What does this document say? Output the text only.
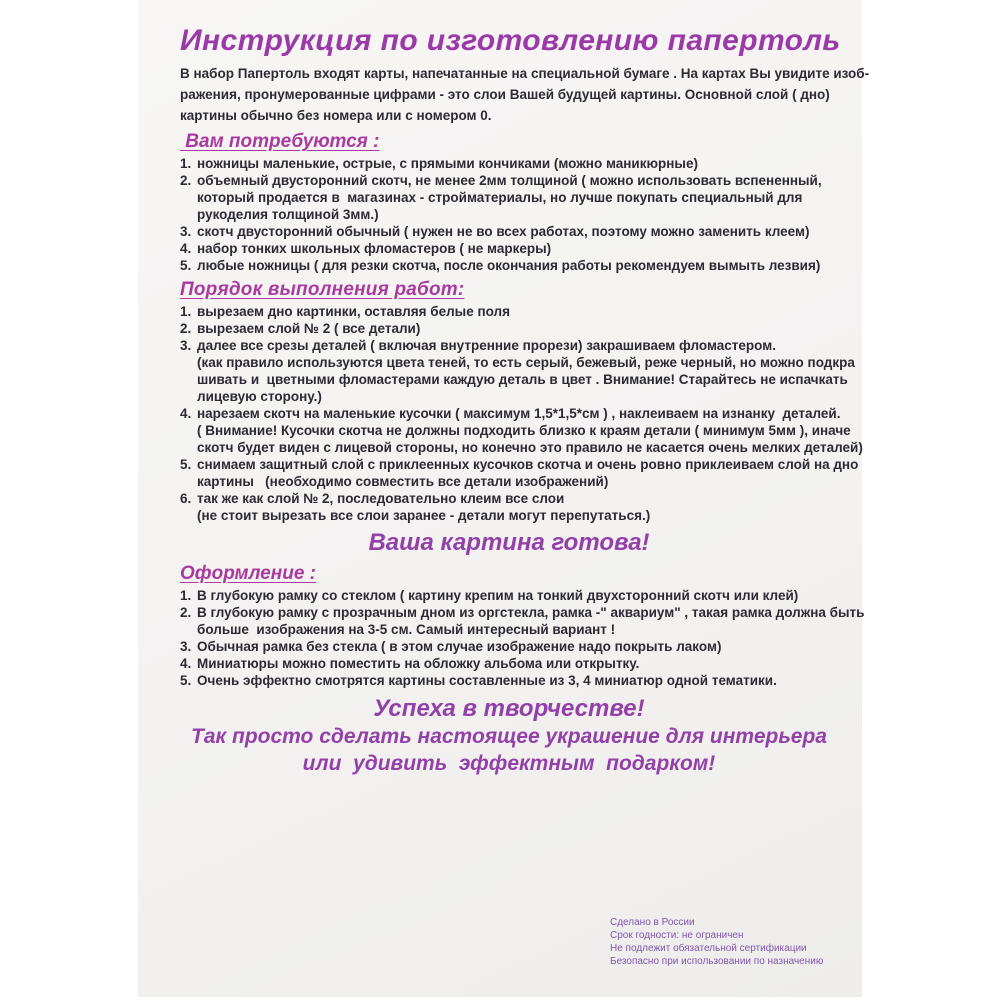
Инструкция по изготовлению папертоль
В набор Папертоль входят карты, напечатанные на специальной бумаге . На картах Вы увидите изоб-
ражения, пронумерованные цифрами - это слои Вашей будущей картины. Основной слой ( дно)
картины обычно без номера или с номером 0.
Вам потребуются :
1. ножницы маленькие, острые, с прямыми кончиками (можно маникюрные)
2. объемный двусторонний скотч, не менее 2мм толщиной ( можно использовать вспененный,
который продается в  магазинах - стройматериалы, но лучше покупать специальный для
рукоделия толщиной 3мм.)
3. скотч двусторонний обычный ( нужен не во всех работах, поэтому можно заменить клеем)
4. набор тонких школьных фломастеров ( не маркеры)
5. любые ножницы ( для резки скотча, после окончания работы рекомендуем вымыть лезвия)
Порядок выполнения работ:
1. вырезаем дно картинки, оставляя белые поля
2. вырезаем слой № 2 ( все детали)
3. далее все срезы деталей ( включая внутренние прорези) закрашиваем фломастером.
(как правило используются цвета теней, то есть серый, бежевый, реже черный, но можно подкра
шивать и  цветными фломастерами каждую деталь в цвет . Внимание! Старайтесь не испачкать
лицевую сторону.)
4. нарезаем скотч на маленькие кусочки ( максимум 1,5*1,5*см ) , наклеиваем на изнанку  деталей.
( Внимание! Кусочки скотча не должны подходить близко к краям детали ( минимум 5мм ), иначе
скотч будет виден с лицевой стороны, но конечно это правило не касается очень мелких деталей)
5. снимаем защитный слой с приклеенных кусочков скотча и очень ровно приклеиваем слой на дно
картины   (необходимо совместить все детали изображений)
6. так же как слой № 2, последовательно клеим все слои
(не стоит вырезать все слои заранее - детали могут перепутаться.)
Ваша картина готова!
Оформление :
1. В глубокую рамку со стеклом ( картину крепим на тонкий двухсторонний скотч или клей)
2. В глубокую рамку с прозрачным дном из оргстекла, рамка -" аквариум" , такая рамка должна быть
больше  изображения на 3-5 см. Самый интересный вариант !
3. Обычная рамка без стекла ( в этом случае изображение надо покрыть лаком)
4. Миниатюры можно поместить на обложку альбома или открытку.
5. Очень эффектно смотрятся картины составленные из 3, 4 миниатюр одной тематики.
Успеха в творчестве!
Так просто сделать настоящее украшение для интерьера
или  удивить  эффектным  подарком!
Сделано в России
Срок годности: не ограничен
Не подлежит обязательной сертификации
Безопасно при использовании по назначению
